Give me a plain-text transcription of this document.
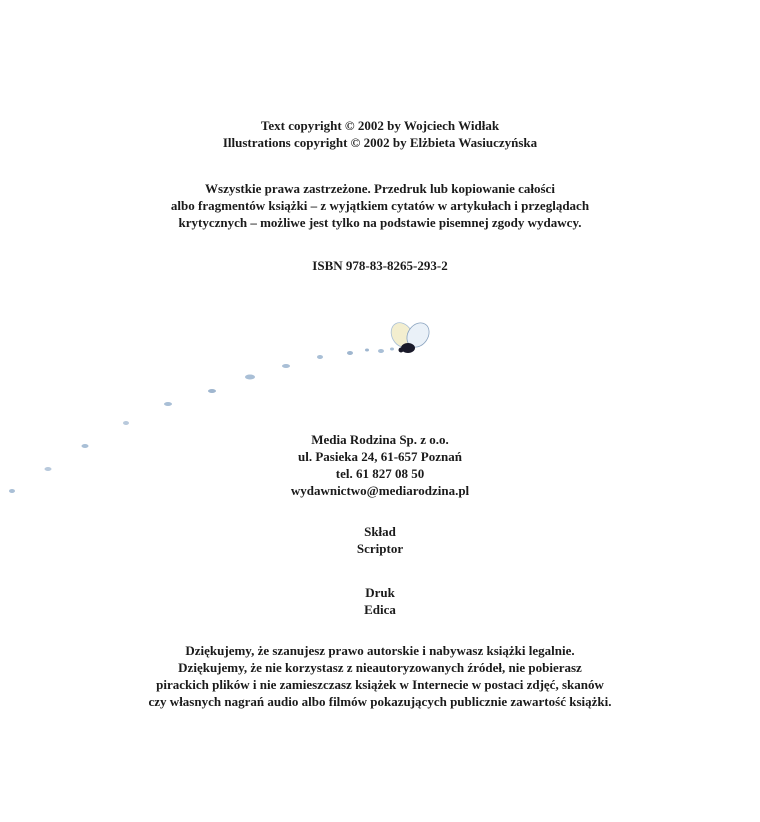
Text copyright © 2002 by Wojciech Widłak
Illustrations copyright © 2002 by Elżbieta Wasiuczyńska
Wszystkie prawa zastrzeżone. Przedruk lub kopiowanie całości
albo fragmentów książki – z wyjątkiem cytatów w artykułach i przeglądach
krytycznych – możliwe jest tylko na podstawie pisemnej zgody wydawcy.
ISBN 978-83-8265-293-2
Media Rodzina Sp. z o.o.
ul. Pasieka 24, 61-657 Poznań
tel. 61 827 08 50
wydawnictwo@mediarodzina.pl
Skład
Scriptor
Druk
Edica
Dziękujemy, że szanujesz prawo autorskie i nabywasz książki legalnie.
Dziękujemy, że nie korzystasz z nieautoryzowanych źródeł, nie pobierasz
pirackich plików i nie zamieszczasz książek w Internecie w postaci zdjęć, skanów
czy własnych nagrań audio albo filmów pokazujących publicznie zawartość książki.
